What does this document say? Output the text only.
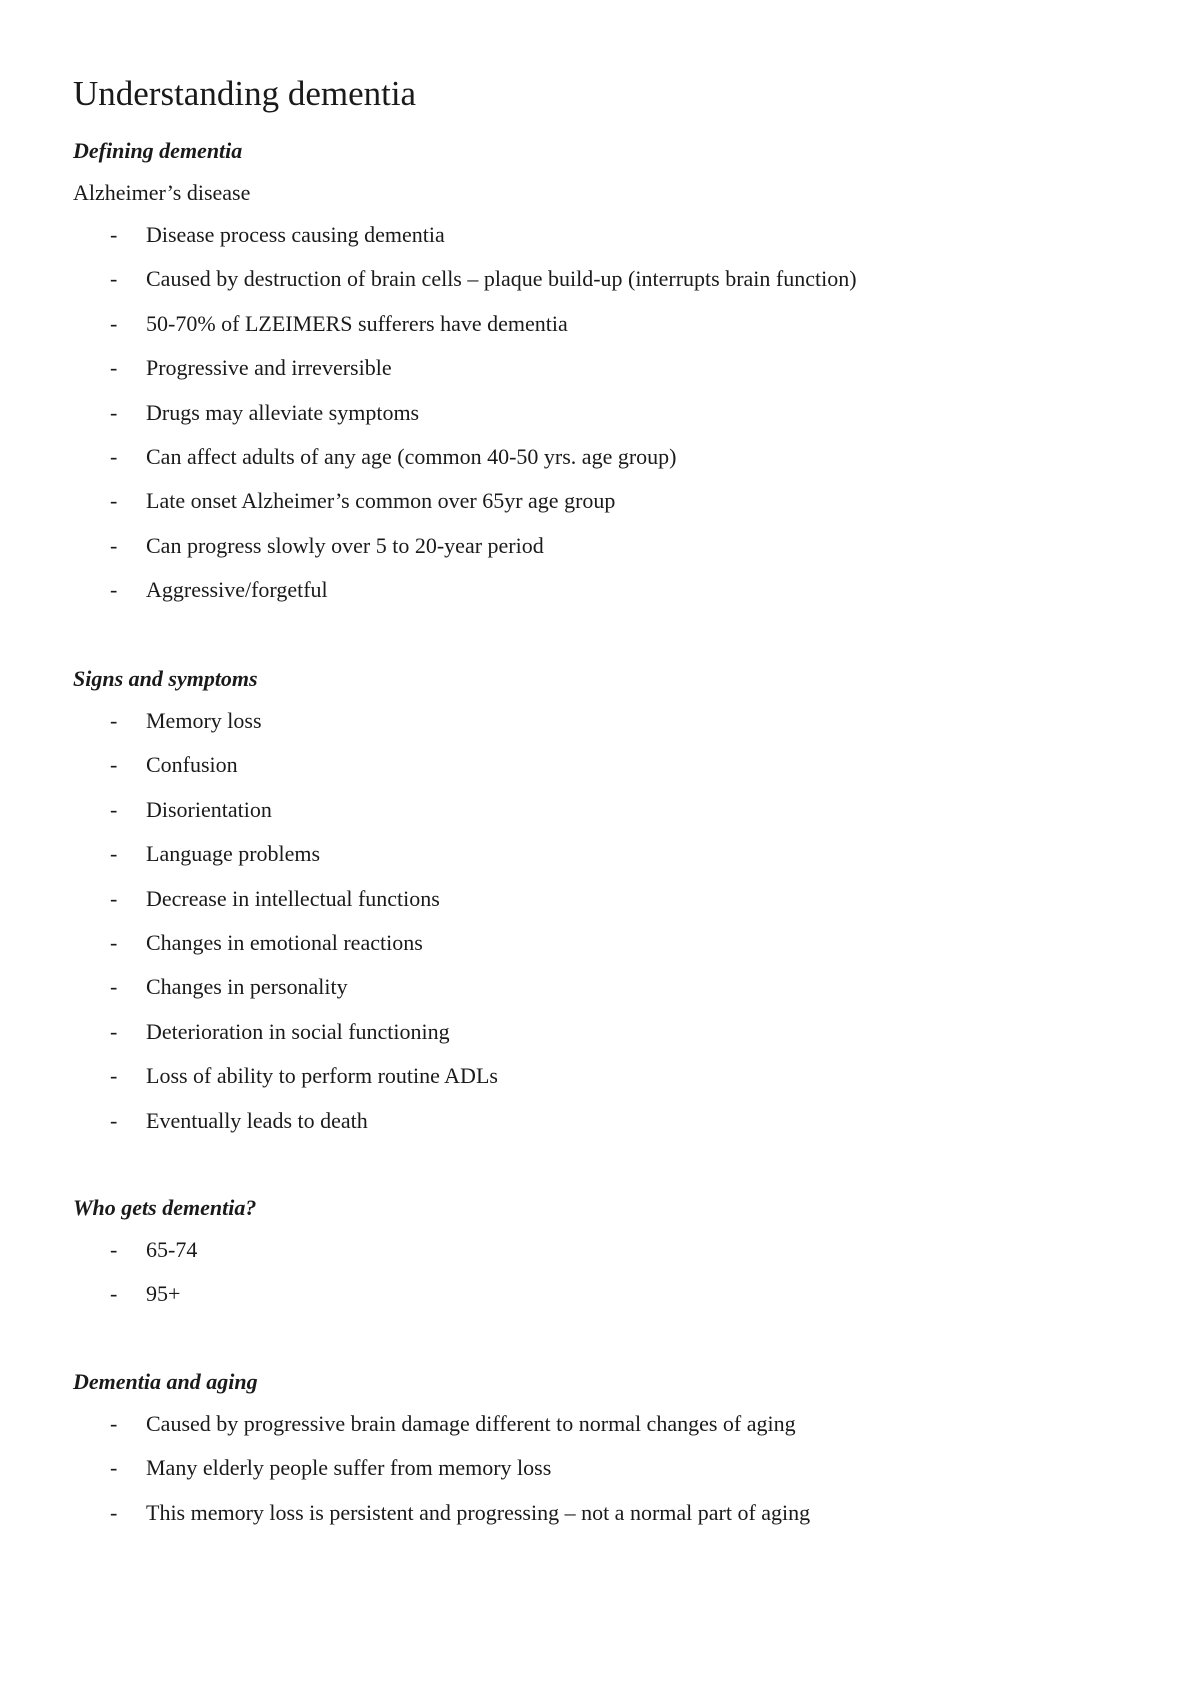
Understanding dementia
Defining dementia

Alzheimer’s disease

- Disease process causing dementia
- Caused by destruction of brain cells – plaque build-up (interrupts brain function)
- 50-70% of LZEIMERS sufferers have dementia
- Progressive and irreversible
- Drugs may alleviate symptoms
- Can affect adults of any age (common 40-50 yrs. age group)
- Late onset Alzheimer’s common over 65yr age group
- Can progress slowly over 5 to 20-year period
- Aggressive/forgetful
Signs and symptoms
- Memory loss
- Confusion
- Disorientation
- Language problems
- Decrease in intellectual functions
- Changes in emotional reactions
- Changes in personality
- Deterioration in social functioning
- Loss of ability to perform routine ADLs
- Eventually leads to death
Who gets dementia?
- 65-74
- 95+
Dementia and aging
- Caused by progressive brain damage different to normal changes of aging
- Many elderly people suffer from memory loss
- This memory loss is persistent and progressing – not a normal part of aging
